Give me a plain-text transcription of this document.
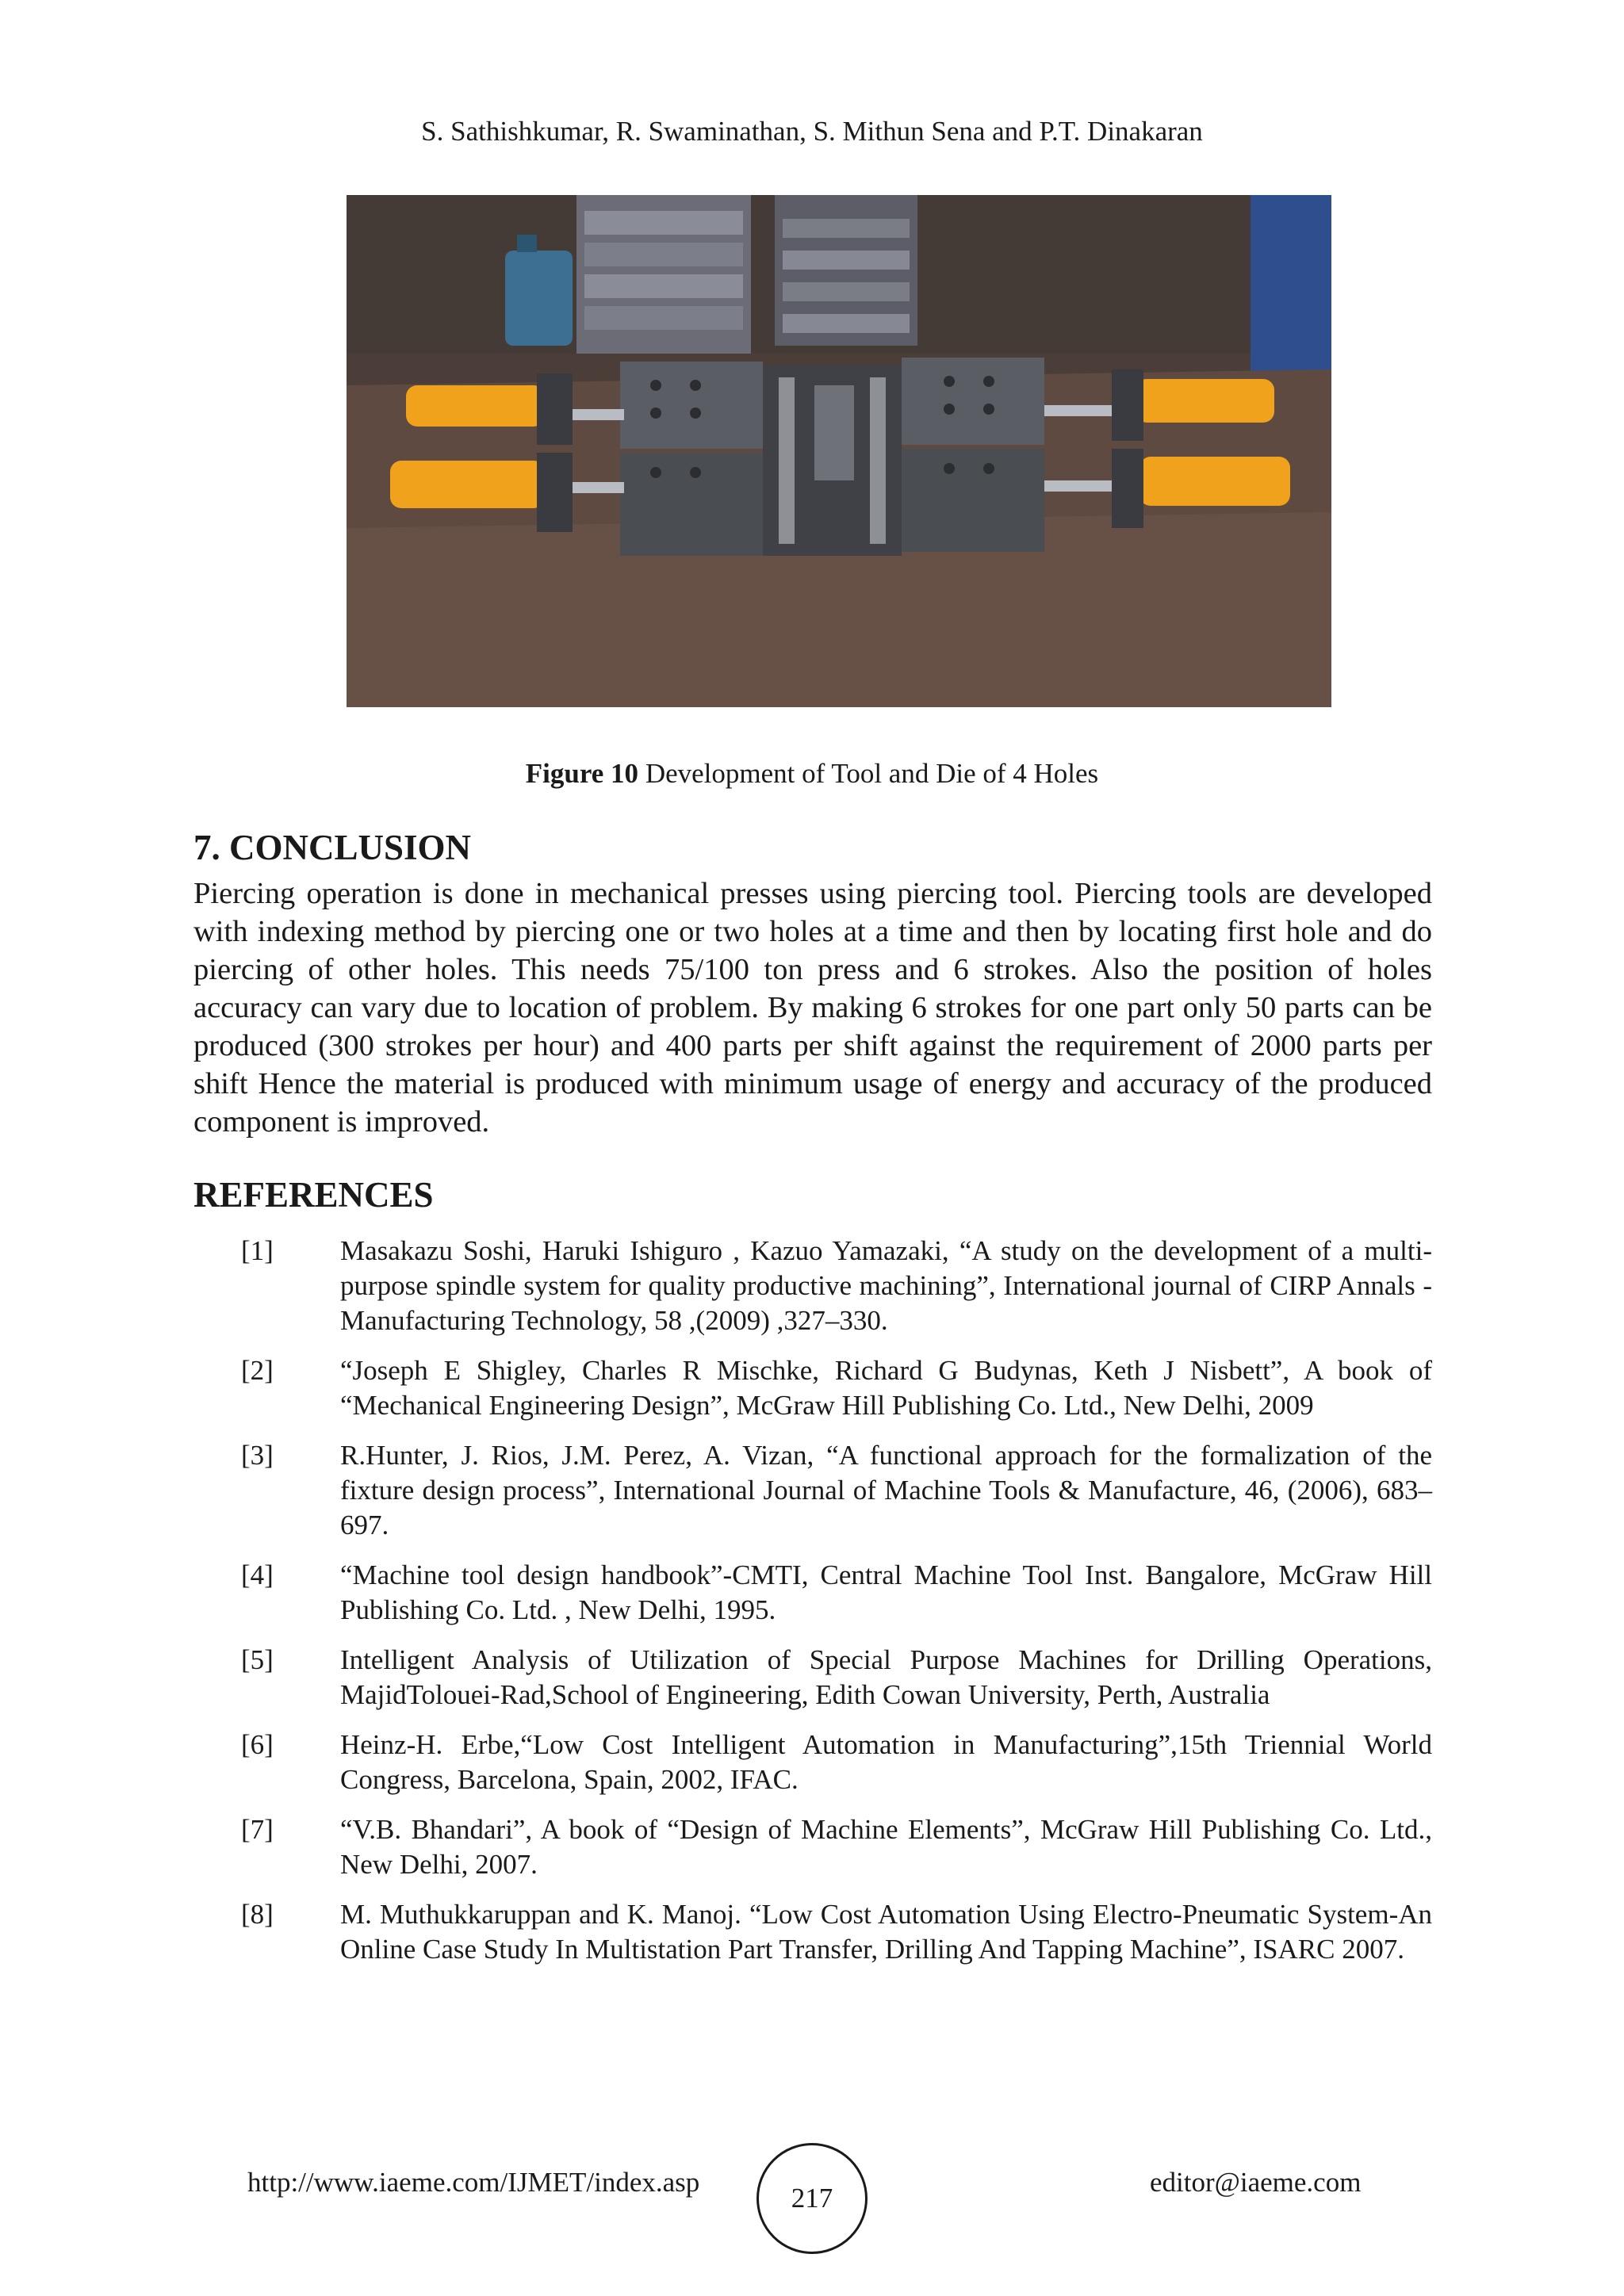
S. Sathishkumar, R. Swaminathan, S. Mithun Sena and P.T. Dinakaran
Figure 10 Development of Tool and Die of 4 Holes
7. CONCLUSION

Piercing operation is done in mechanical presses using piercing tool. Piercing tools are developed with indexing method by piercing one or two holes at a time and then by locating first hole and do piercing of other holes. This needs 75/100 ton press and 6 strokes. Also the position of holes accuracy can vary due to location of problem. By making 6 strokes for one part only 50 parts can be produced (300 strokes per hour) and 400 parts per shift against the requirement of 2000 parts per shift Hence the material is produced with minimum usage of energy and accuracy of the produced component is improved.

REFERENCES
[1] Masakazu Soshi, Haruki Ishiguro , Kazuo Yamazaki, “A study on the development of a multi-purpose spindle system for quality productive machining”, International journal of CIRP Annals -Manufacturing Technology, 58 ,(2009) ,327–330.
[2] “Joseph E Shigley, Charles R Mischke, Richard G Budynas, Keth J Nisbett”, A book of “Mechanical Engineering Design”, McGraw Hill Publishing Co. Ltd., New Delhi, 2009
[3] R.Hunter, J. Rios, J.M. Perez, A. Vizan, “A functional approach for the formalization of the fixture design process”, International Journal of Machine Tools & Manufacture, 46, (2006), 683–697.
[4] “Machine tool design handbook”-CMTI, Central Machine Tool Inst. Bangalore, McGraw Hill Publishing Co. Ltd. , New Delhi, 1995.
[5] Intelligent Analysis of Utilization of Special Purpose Machines for Drilling Operations, MajidTolouei-Rad,School of Engineering, Edith Cowan University, Perth, Australia
[6] Heinz-H. Erbe,“Low Cost Intelligent Automation in Manufacturing”,15th Triennial World Congress, Barcelona, Spain, 2002, IFAC.
[7] “V.B. Bhandari”, A book of “Design of Machine Elements”, McGraw Hill Publishing Co. Ltd., New Delhi, 2007.
[8] M. Muthukkaruppan and K. Manoj. “Low Cost Automation Using Electro-Pneumatic System-An Online Case Study In Multistation Part Transfer, Drilling And Tapping Machine”, ISARC 2007.
http://www.iaeme.com/IJMET/index.asp
217
editor@iaeme.com
